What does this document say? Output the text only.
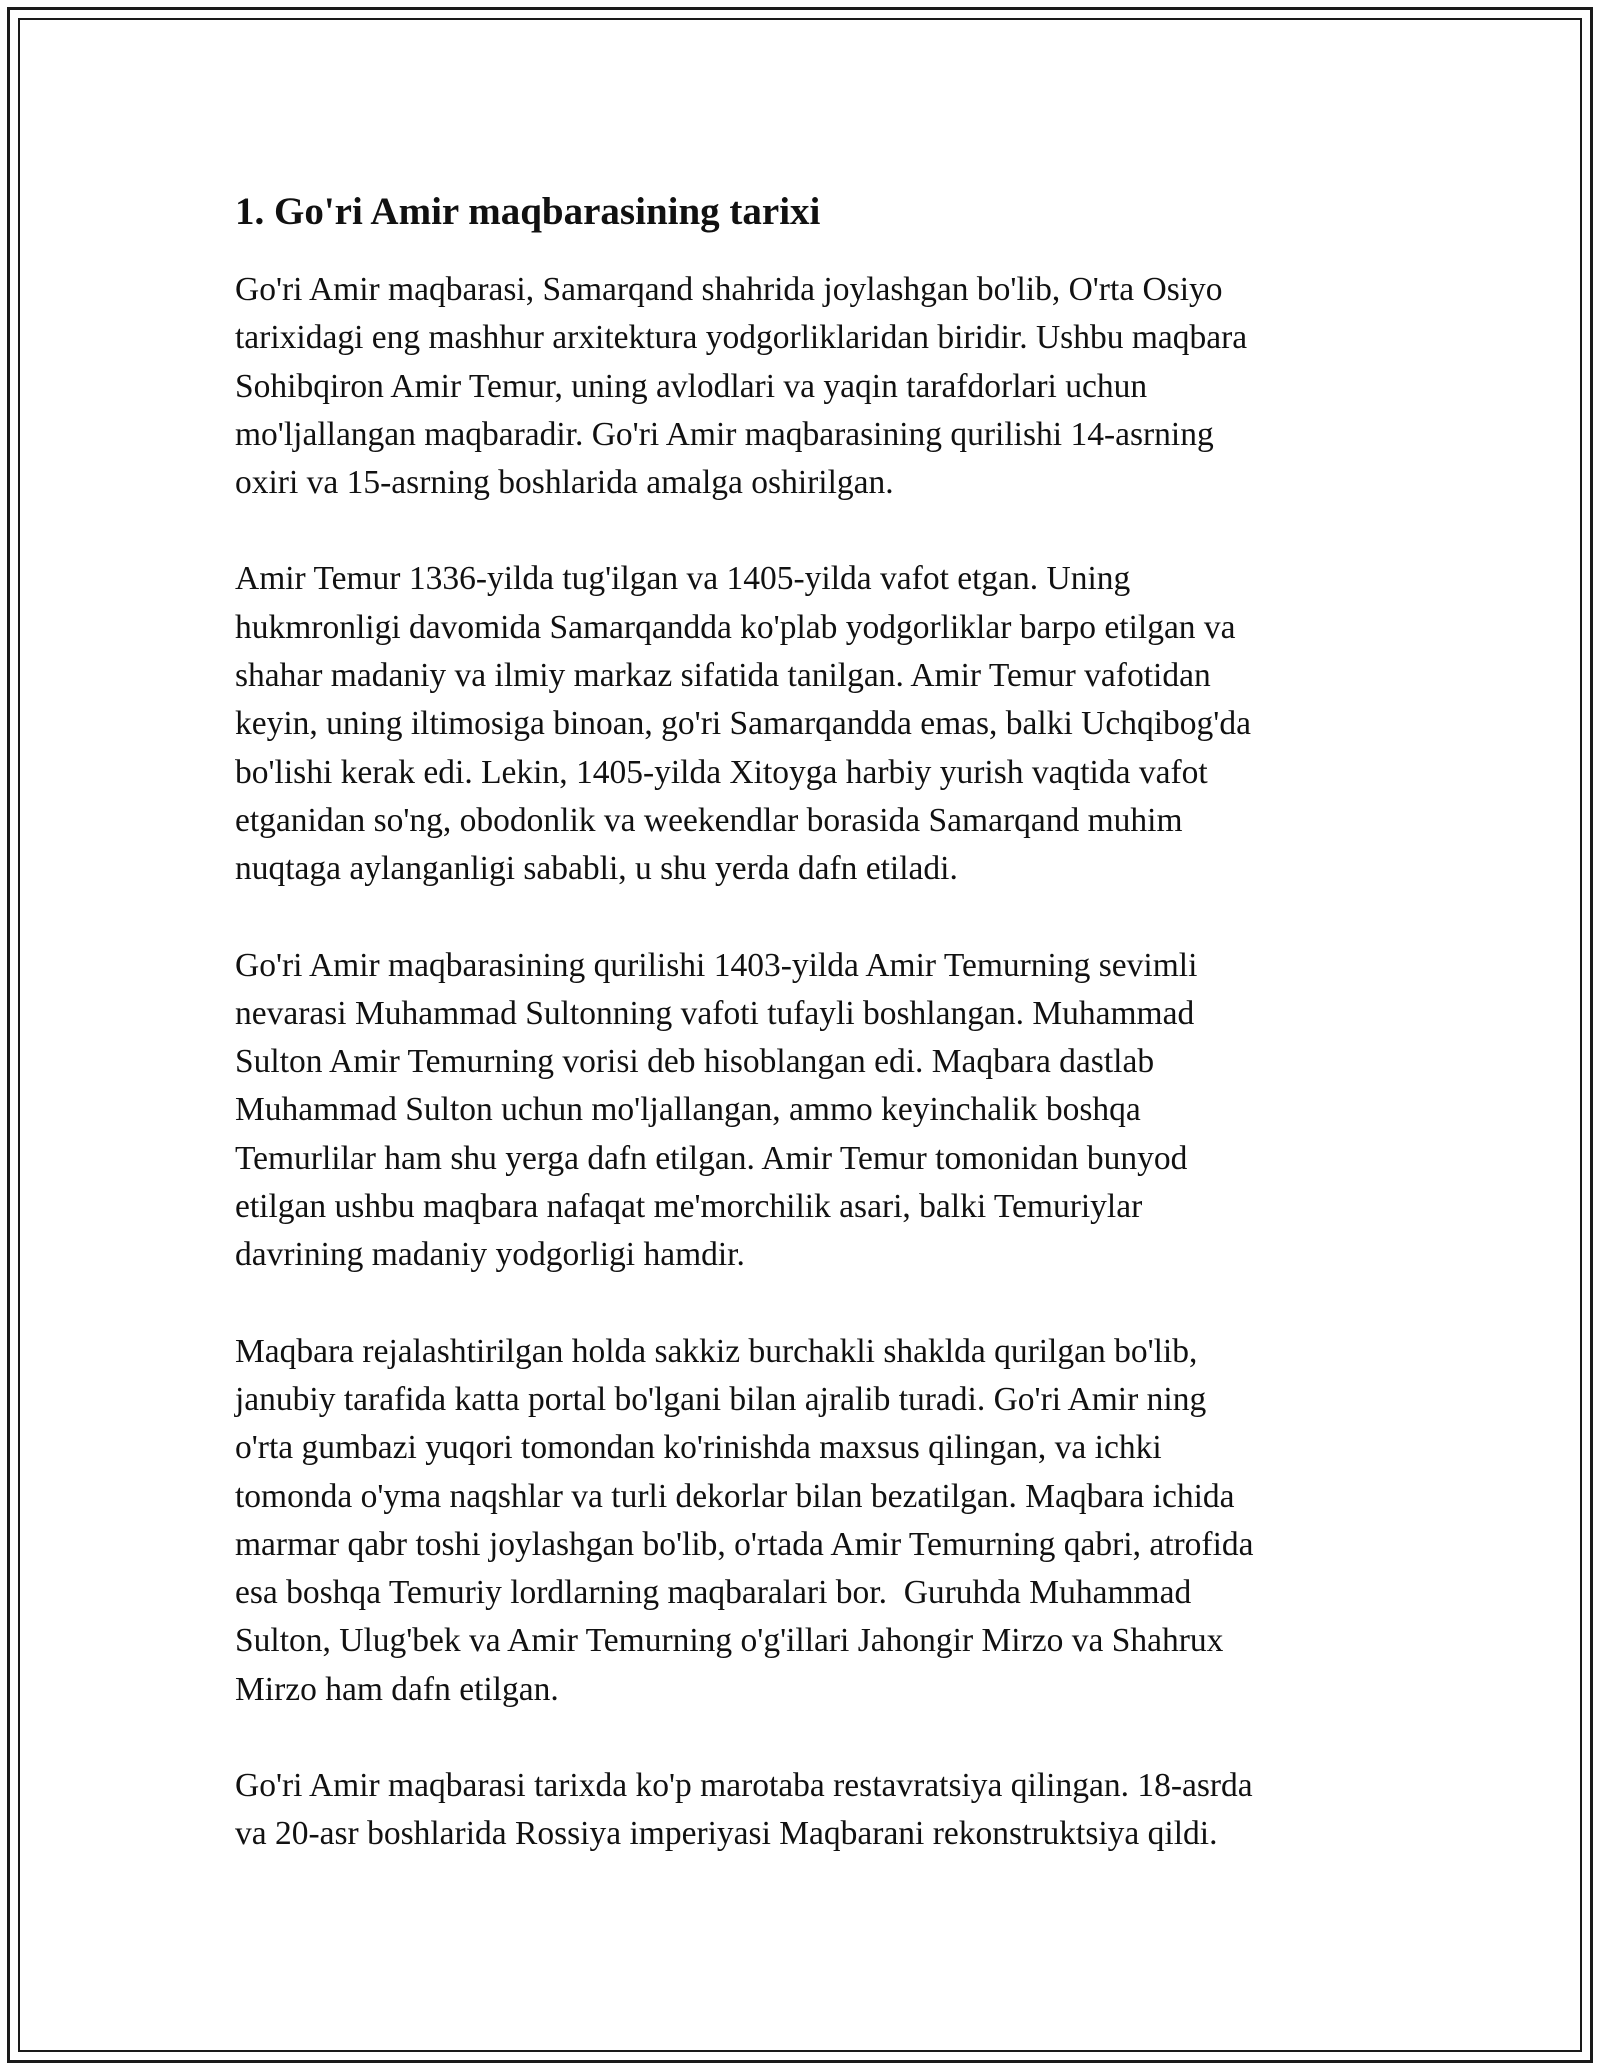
1. Go'ri Amir maqbarasining tarixi

Go'ri Amir maqbarasi, Samarqand shahrida joylashgan bo'lib, O'rta Osiyo
tarixidagi eng mashhur arxitektura yodgorliklaridan biridir. Ushbu maqbara
Sohibqiron Amir Temur, uning avlodlari va yaqin tarafdorlari uchun
mo'ljallangan maqbaradir. Go'ri Amir maqbarasining qurilishi 14-asrning
oxiri va 15-asrning boshlarida amalga oshirilgan.

Amir Temur 1336-yilda tug'ilgan va 1405-yilda vafot etgan. Uning
hukmronligi davomida Samarqandda ko'plab yodgorliklar barpo etilgan va
shahar madaniy va ilmiy markaz sifatida tanilgan. Amir Temur vafotidan
keyin, uning iltimosiga binoan, go'ri Samarqandda emas, balki Uchqibog'da
bo'lishi kerak edi. Lekin, 1405-yilda Xitoyga harbiy yurish vaqtida vafot
etganidan so'ng, obodonlik va weekendlar borasida Samarqand muhim
nuqtaga aylanganligi sababli, u shu yerda dafn etiladi.

Go'ri Amir maqbarasining qurilishi 1403-yilda Amir Temurning sevimli
nevarasi Muhammad Sultonning vafoti tufayli boshlangan. Muhammad
Sulton Amir Temurning vorisi deb hisoblangan edi. Maqbara dastlab
Muhammad Sulton uchun mo'ljallangan, ammo keyinchalik boshqa
Temurlilar ham shu yerga dafn etilgan. Amir Temur tomonidan bunyod
etilgan ushbu maqbara nafaqat me'morchilik asari, balki Temuriylar
davrining madaniy yodgorligi hamdir.

Maqbara rejalashtirilgan holda sakkiz burchakli shaklda qurilgan bo'lib,
janubiy tarafida katta portal bo'lgani bilan ajralib turadi. Go'ri Amir ning
o'rta gumbazi yuqori tomondan ko'rinishda maxsus qilingan, va ichki
tomonda o'yma naqshlar va turli dekorlar bilan bezatilgan. Maqbara ichida
marmar qabr toshi joylashgan bo'lib, o'rtada Amir Temurning qabri, atrofida
esa boshqa Temuriy lordlarning maqbaralari bor.  Guruhda Muhammad
Sulton, Ulug'bek va Amir Temurning o'g'illari Jahongir Mirzo va Shahrux
Mirzo ham dafn etilgan.

Go'ri Amir maqbarasi tarixda ko'p marotaba restavratsiya qilingan. 18-asrda
va 20-asr boshlarida Rossiya imperiyasi Maqbarani rekonstruktsiya qildi.
